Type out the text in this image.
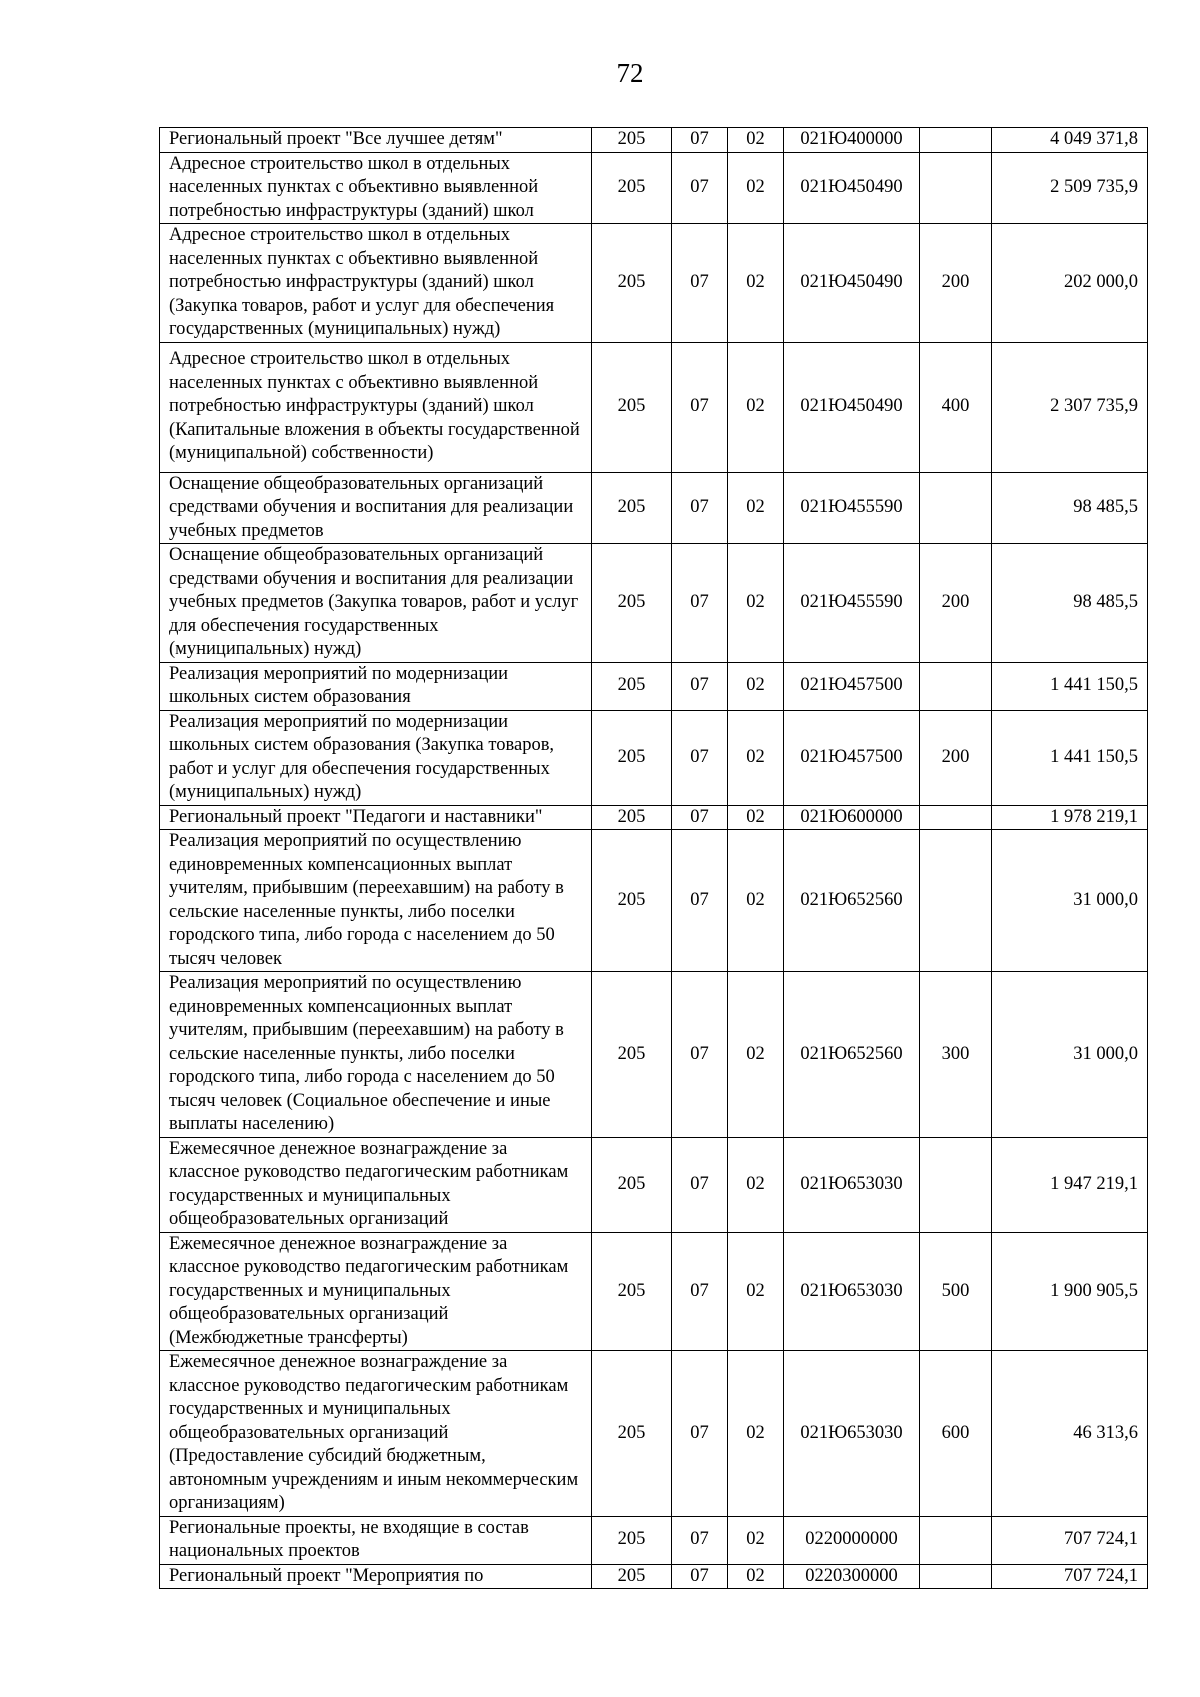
72
Региональный проект "Все лучшее детям"	205	07	02	021Ю400000		4 049 371,8
Адресное строительство школ в отдельных населенных пунктах с объективно выявленной потребностью инфраструктуры (зданий) школ	205	07	02	021Ю450490		2 509 735,9
Адресное строительство школ в отдельных населенных пунктах с объективно выявленной потребностью инфраструктуры (зданий) школ (Закупка товаров, работ и услуг для обеспечения государственных (муниципальных) нужд)	205	07	02	021Ю450490	200	202 000,0
Адресное строительство школ в отдельных населенных пунктах с объективно выявленной потребностью инфраструктуры (зданий) школ (Капитальные вложения в объекты государственной (муниципальной) собственности)	205	07	02	021Ю450490	400	2 307 735,9
Оснащение общеобразовательных организаций средствами обучения и воспитания для реализации учебных предметов	205	07	02	021Ю455590		98 485,5
Оснащение общеобразовательных организаций средствами обучения и воспитания для реализации учебных предметов (Закупка товаров, работ и услуг для обеспечения государственных (муниципальных) нужд)	205	07	02	021Ю455590	200	98 485,5
Реализация мероприятий по модернизации школьных систем образования	205	07	02	021Ю457500		1 441 150,5
Реализация мероприятий по модернизации школьных систем образования (Закупка товаров, работ и услуг для обеспечения государственных (муниципальных) нужд)	205	07	02	021Ю457500	200	1 441 150,5
Региональный проект "Педагоги и наставники"	205	07	02	021Ю600000		1 978 219,1
Реализация мероприятий по осуществлению единовременных компенсационных выплат учителям, прибывшим (переехавшим) на работу в сельские населенные пункты, либо поселки городского типа, либо города с населением до 50 тысяч человек	205	07	02	021Ю652560		31 000,0
Реализация мероприятий по осуществлению единовременных компенсационных выплат учителям, прибывшим (переехавшим) на работу в сельские населенные пункты, либо поселки городского типа, либо города с населением до 50 тысяч человек (Социальное обеспечение и иные выплаты населению)	205	07	02	021Ю652560	300	31 000,0
Ежемесячное денежное вознаграждение за классное руководство педагогическим работникам государственных и муниципальных общеобразовательных организаций	205	07	02	021Ю653030		1 947 219,1
Ежемесячное денежное вознаграждение за классное руководство педагогическим работникам государственных и муниципальных общеобразовательных организаций (Межбюджетные трансферты)	205	07	02	021Ю653030	500	1 900 905,5
Ежемесячное денежное вознаграждение за классное руководство педагогическим работникам государственных и муниципальных общеобразовательных организаций (Предоставление субсидий бюджетным, автономным учреждениям и иным некоммерческим организациям)	205	07	02	021Ю653030	600	46 313,6
Региональные проекты, не входящие в состав национальных проектов	205	07	02	0220000000		707 724,1
Региональный проект "Мероприятия по	205	07	02	0220300000		707 724,1
